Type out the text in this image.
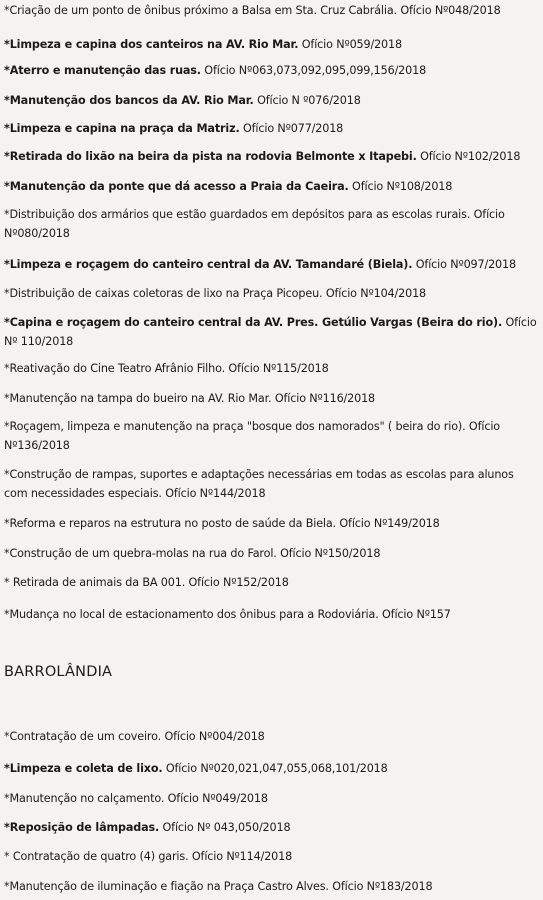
*Criação de um ponto de ônibus próximo a Balsa em Sta. Cruz Cabrália. Ofício Nº048/2018
*Limpeza e capina dos canteiros na AV. Rio Mar. Ofício Nº059/2018
*Aterro e manutenção das ruas. Ofício Nº063,073,092,095,099,156/2018
*Manutenção dos bancos da AV. Rio Mar. Ofício N º076/2018
*Limpeza e capina na praça da Matriz. Ofício Nº077/2018
*Retirada do lixão na beira da pista na rodovia Belmonte x Itapebi. Ofício Nº102/2018
*Manutenção da ponte que dá acesso a Praia da Caeira. Ofício Nº108/2018
*Distribuição dos armários que estão guardados em depósitos para as escolas rurais. Ofício Nº080/2018
*Limpeza e roçagem do canteiro central da AV. Tamandaré (Biela). Ofício Nº097/2018
*Distribuição de caixas coletoras de lixo na Praça Picopeu. Ofício Nº104/2018
*Capina e roçagem do canteiro central da AV. Pres. Getúlio Vargas (Beira do rio). Ofício Nº 110/2018
*Reativação do Cine Teatro Afrânio Filho. Ofício Nº115/2018
*Manutenção na tampa do bueiro na AV. Rio Mar. Ofício Nº116/2018
*Roçagem, limpeza e manutenção na praça "bosque dos namorados" ( beira do rio). Ofício Nº136/2018
*Construção de rampas, suportes e adaptações necessárias em todas as escolas para alunos com necessidades especiais. Ofício Nº144/2018
*Reforma e reparos na estrutura no posto de saúde da Biela. Ofício Nº149/2018
*Construção de um quebra-molas na rua do Farol. Ofício Nº150/2018
* Retirada de animais da BA 001. Ofício Nº152/2018
*Mudança no local de estacionamento dos ônibus para a Rodoviária. Ofício Nº157
BARROLÂNDIA
*Contratação de um coveiro. Ofício Nº004/2018
*Limpeza e coleta de lixo. Ofício Nº020,021,047,055,068,101/2018
*Manutenção no calçamento. Ofício Nº049/2018
*Reposição de lâmpadas. Ofício Nº 043,050/2018
* Contratação de quatro (4) garis. Ofício Nº114/2018
*Manutenção de iluminação e fiação na Praça Castro Alves. Ofício Nº183/2018
